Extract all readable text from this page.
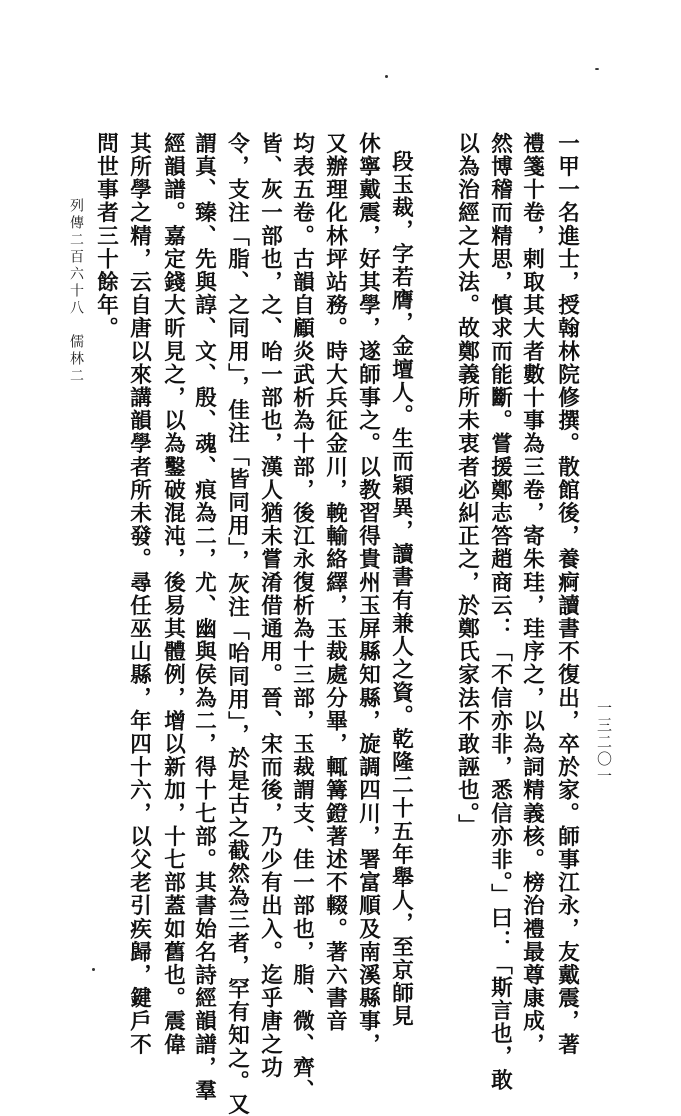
一甲一名進士，授翰林院修撰。散館後，養痾讀書不復出，卒於家。師事江永，友戴震，著
禮箋十卷，剌取其大者數十事為三卷，寄朱珪，珪序之，以為詞精義核。榜治禮最尊康成，
然博稽而精思，慎求而能斷。嘗援鄭志答趙商云：「不信亦非，悉信亦非。」曰：「斯言也，敢
以為治經之大法。故鄭義所未衷者必糾正之，於鄭氏家法不敢誣也。」
段玉裁，字若膺，金壇人。生而穎異，讀書有兼人之資。乾隆二十五年舉人，至京師見
休寧戴震，好其學，遂師事之。以教習得貴州玉屏縣知縣，旋調四川，署富順及南溪縣事，
又辦理化林坪站務。時大兵征金川，輓輸絡繹，玉裁處分畢，輒篝鐙著述不輟。著六書音
均表五卷。古韻自顧炎武析為十部，後江永復析為十三部，玉裁謂支、佳一部也，脂、微、齊、
皆、灰一部也，之、咍一部也，漢人猶未嘗淆借通用。晉、宋而後，乃少有出入。迄乎唐之功
令，支注「脂、之同用」，佳注「皆同用」，灰注「咍同用」，於是古之截然為三者，罕有知之。又
謂真、臻、先與諄、文、殷、魂、痕為二，尤、幽與侯為二，得十七部。其書始名詩經韻譜，羣
經韻譜。嘉定錢大昕見之，以為鑿破混沌，後易其體例，增以新加，十七部蓋如舊也。震偉
其所學之精，云自唐以來講韻學者所未發。尋任巫山縣，年四十六，以父老引疾歸，鍵戶不
問世事者三十餘年。
列傳二百六十八　儒林二
一三二〇一
